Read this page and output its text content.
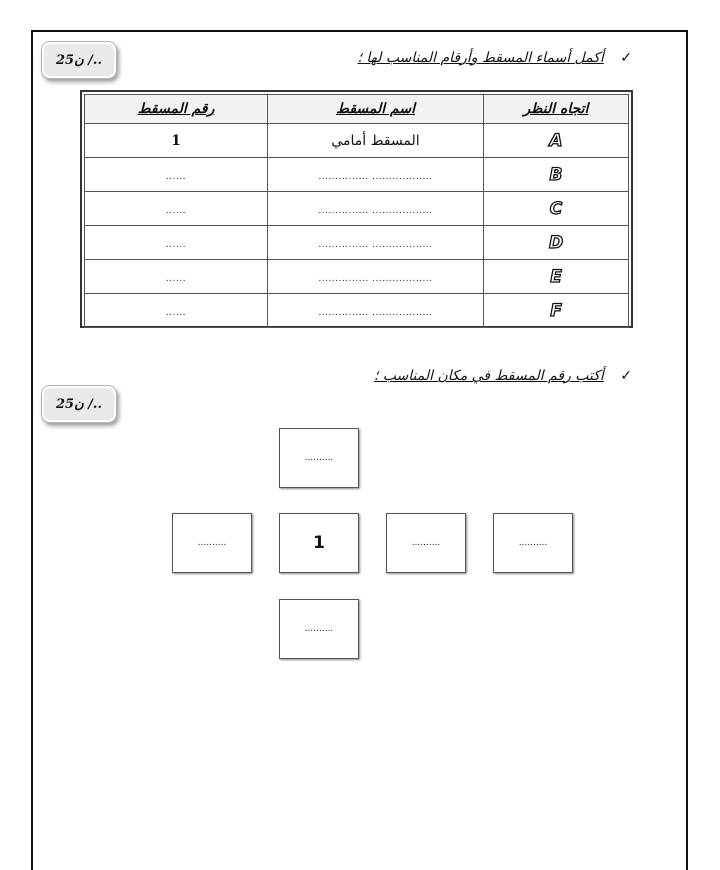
25ن /..
25ن /..
✓ أكمل أسماء المسقط وأرقام المناسب لها ؛
اتجاه النظر	اسم المسقط	رقم المسقط
A	المسقط أمامي	1
B	.................. ...............	......
C	.................. ...............	......
D	.................. ...............	......
E	.................. ...............	......
F	.................. ...............	......
✓ أكتب رقم المسقط في مكان المناسب ؛
..........
..........	1	..........	..........
..........
